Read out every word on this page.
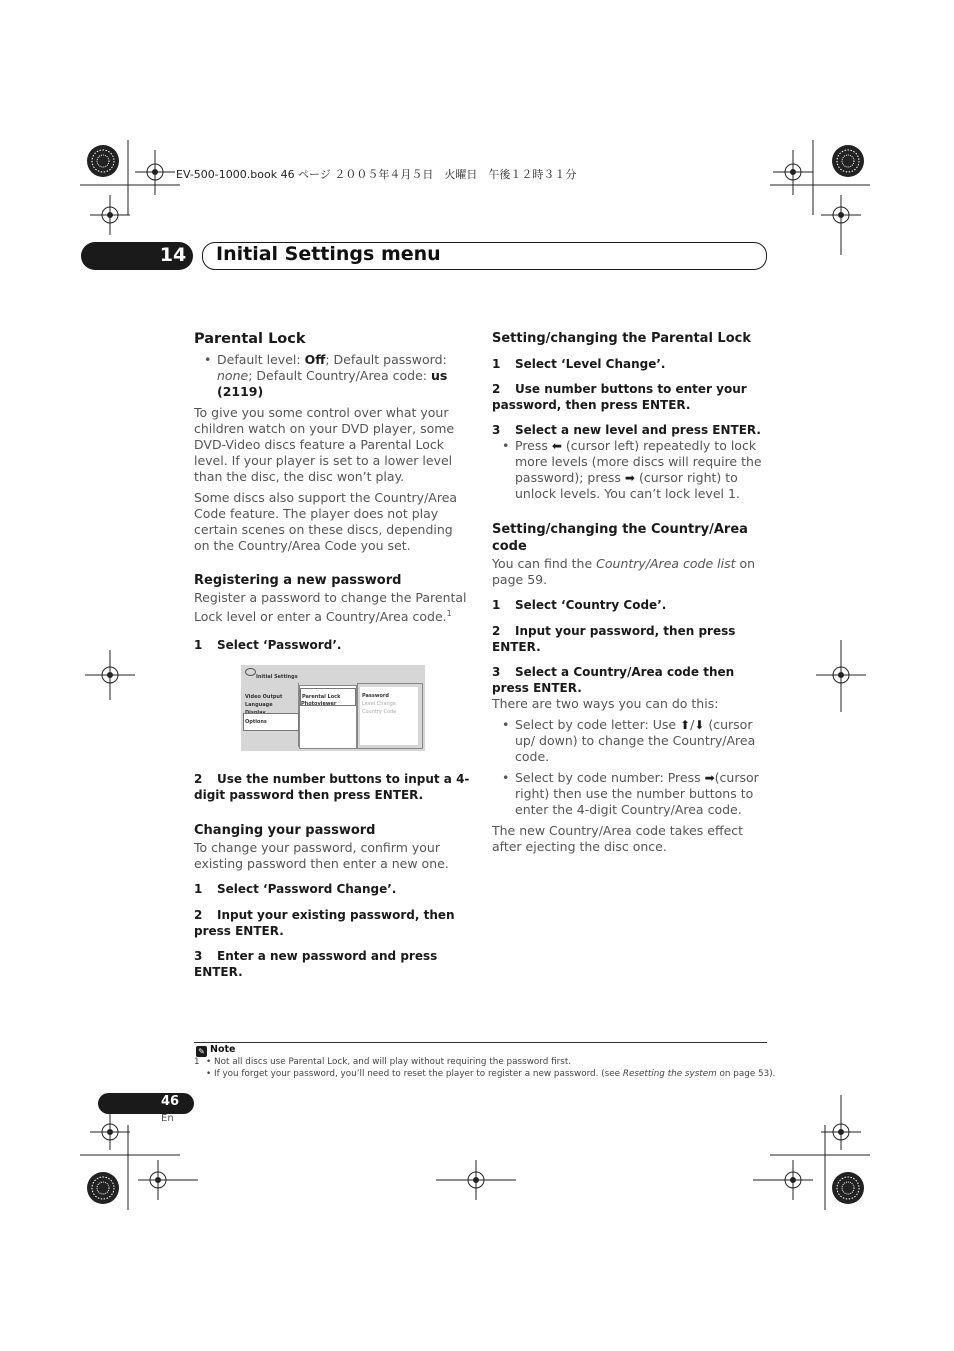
EV-500-1000.book 46 ページ ２００５年４月５日　火曜日　午後１２時３１分
14 Initial Settings menu
Parental Lock
• Default level: Off; Default password: none; Default Country/Area code: us (2119)

To give you some control over what your children watch on your DVD player, some DVD-Video discs feature a Parental Lock level. If your player is set to a lower level than the disc, the disc won’t play.

Some discs also support the Country/Area Code feature. The player does not play certain scenes on these discs, depending on the Country/Area Code you set.

Registering a new password

Register a password to change the Parental Lock level or enter a Country/Area code.$^1$

1 Select ‘Password’.
Initial Settings
Video Output
Language
Options
Parental Lock
Photoviewer
Password
Level Change
Country Code
2 Use the number buttons to input a 4-digit password then press ENTER.
Changing your password

To change your password, confirm your existing password then enter a new one.

1 Select ‘Password Change’.
2 Input your existing password, then press ENTER.
3 Enter a new password and press ENTER.
Setting/changing the Parental Lock
1 Select ‘Level Change’.
2 Use number buttons to enter your password, then press ENTER.
3 Select a new level and press ENTER.
• Press ⬅ (cursor left) repeatedly to lock more levels (more discs will require the password); press ➡ (cursor right) to unlock levels. You can’t lock level 1.
Setting/changing the Country/Area code

You can find the Country/Area code list on page 59.

1 Select ‘Country Code’.
2 Input your password, then press ENTER.
3 Select a Country/Area code then press ENTER.

There are two ways you can do this:

• Select by code letter: Use ⬆/⬇ (cursor up/ down) to change the Country/Area code.
• Select by code number: Press ➡(cursor right) then use the number buttons to enter the 4-digit Country/Area code.

The new Country/Area code takes effect after ejecting the disc once.

✎ Note
1 • Not all discs use Parental Lock, and will play without requiring the password first.
• If you forget your password, you’ll need to reset the player to register a new password. (see Resetting the system on page 53).
46
En
